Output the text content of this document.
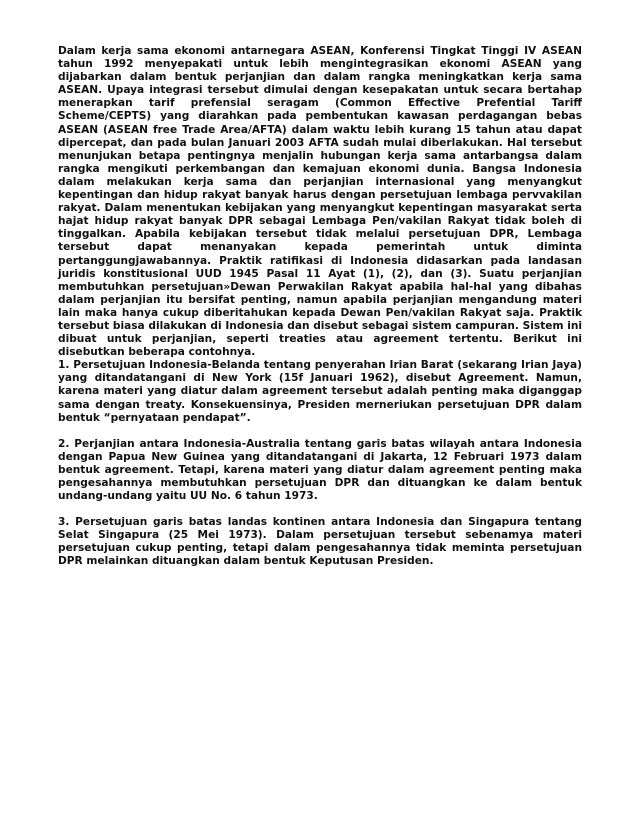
Dalam kerja sama ekonomi antarnegara ASEAN, Konferensi Tingkat Tinggi IV ASEAN tahun 1992 menyepakati untuk lebih mengintegrasikan ekonomi ASEAN yang dijabarkan dalam bentuk perjanjian dan dalam rangka meningkatkan kerja sama ASEAN. Upaya integrasi tersebut dimulai dengan kesepakatan untuk secara bertahap menerapkan tarif prefensial seragam (Common Effective Prefential Tariff Scheme/CEPTS) yang diarahkan pada pembentukan kawasan perdagangan bebas ASEAN (ASEAN free Trade Area/AFTA) dalam waktu lebih kurang 15 tahun atau dapat dipercepat, dan pada bulan Januari 2003 AFTA sudah mulai diberlakukan. Hal tersebut menunjukan betapa pentingnya menjalin hubungan kerja sama antarbangsa dalam rangka mengikuti perkembangan dan kemajuan ekonomi dunia. Bangsa Indonesia dalam melakukan kerja sama dan perjanjian internasional yang menyangkut kepentingan dan hidup rakyat banyak harus dengan persetujuan lembaga pervvakilan rakyat. Dalam menentukan kebijakan yang menyangkut kepentingan masyarakat serta hajat hidup rakyat banyak DPR sebagai Lembaga Pen/vakilan Rakyat tidak boleh di tinggalkan. Apabila kebijakan tersebut tidak melalui persetujuan DPR, Lembaga tersebut dapat menanyakan kepada pemerintah untuk diminta pertanggungjawabannya. Praktik ratifikasi di Indonesia didasarkan pada landasan juridis konstitusional UUD 1945 Pasal 11 Ayat (1), (2), dan (3). Suatu perjanjian membutuhkan persetujuan»Dewan Perwakilan Rakyat apabila hal-hal yang dibahas dalam perjanjian itu bersifat penting, namun apabila perjanjian mengandung materi lain maka hanya cukup diberitahukan kepada Dewan Pen/vakilan Rakyat saja. Praktik tersebut biasa dilakukan di Indonesia dan disebut sebagai sistem campuran. Sistem ini dibuat untuk perjanjian, seperti treaties atau agreement tertentu. Berikut ini disebutkan beberapa contohnya.

1. Persetujuan Indonesia-Belanda tentang penyerahan Irian Barat (sekarang Irian Jaya) yang ditandatangani di New York (15f Januari 1962), disebut Agreement. Namun, karena materi yang diatur dalam agreement tersebut adalah penting maka diganggap sama dengan treaty. Konsekuensinya, Presiden merneriukan persetujuan DPR dalam bentuk “pernyataan pendapat”.

2. Perjanjian antara Indonesia-Australia tentang garis batas wilayah antara Indonesia dengan Papua New Guinea yang ditandatangani di Jakarta, 12 Februari 1973 dalam bentuk agreement. Tetapi, karena materi yang diatur dalam agreement penting maka pengesahannya membutuhkan persetujuan DPR dan dituangkan ke dalam bentuk undang-undang yaitu UU No. 6 tahun 1973.

3. Persetujuan garis batas landas kontinen antara Indonesia dan Singapura tentang Selat Singapura (25 Mei 1973). Dalam persetujuan tersebut sebenamya materi persetujuan cukup penting, tetapi dalam pengesahannya tidak meminta persetujuan DPR melainkan dituangkan dalam bentuk Keputusan Presiden.
